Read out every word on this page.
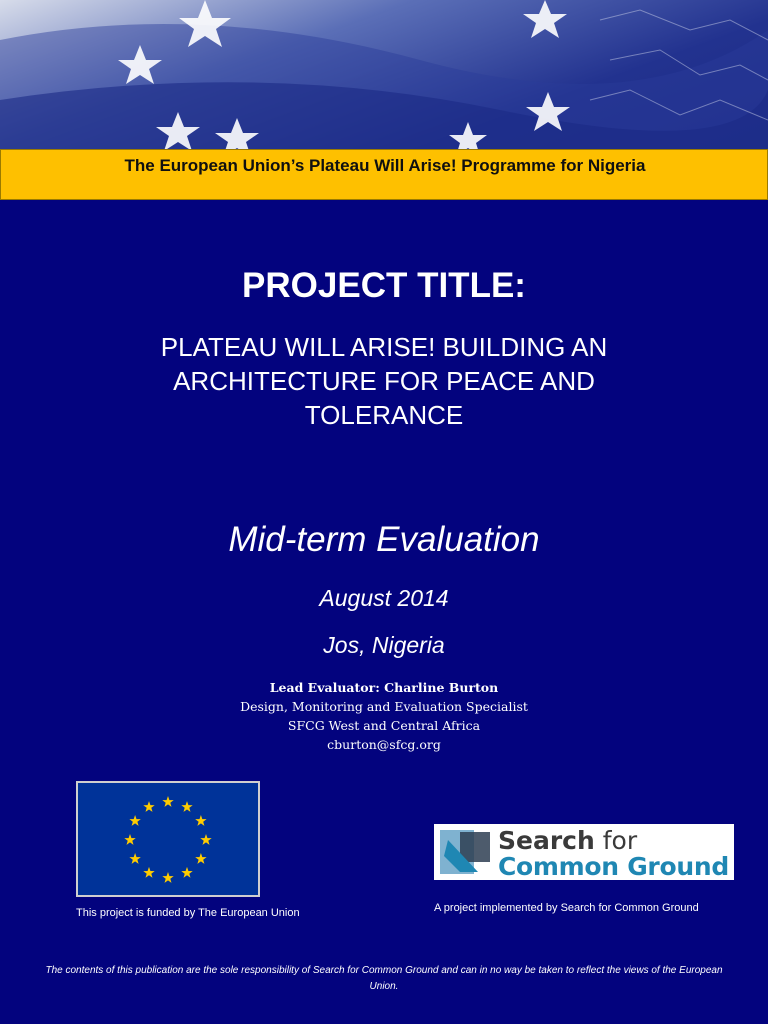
The European Union’s Plateau Will Arise! Programme for Nigeria
PROJECT TITLE:
PLATEAU WILL ARISE! BUILDING AN ARCHITECTURE FOR PEACE AND TOLERANCE
Mid-term Evaluation
August 2014
Jos, Nigeria
Lead Evaluator: Charline Burton
Design, Monitoring and Evaluation Specialist
SFCG West and Central Africa
cburton@sfcg.org
This project is funded by The European Union
Search for
Common Ground
A project implemented by Search for Common Ground
The contents of this publication are the sole responsibility of Search for Common Ground and can in no way be taken to reflect the views of the European Union.
